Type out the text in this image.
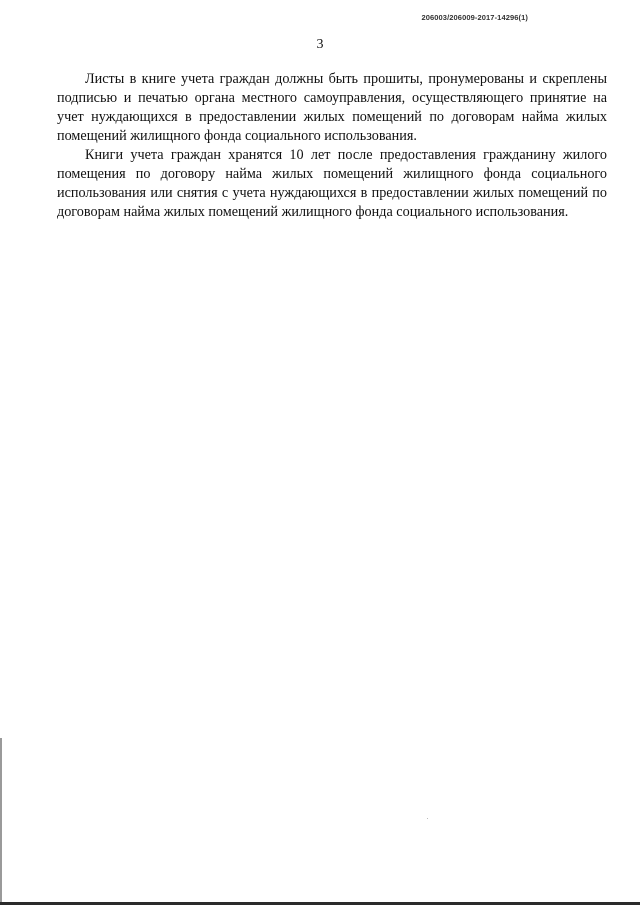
206003/206009-2017-14296(1)
3

Листы в книге учета граждан должны быть прошиты, пронумерованы и скреплены подписью и печатью органа местного самоуправления, осуществляющего принятие на учет нуждающихся в предоставлении жилых помещений по договорам найма жилых помещений жилищного фонда социального использования.

Книги учета граждан хранятся 10 лет после предоставления гражданину жилого помещения по договору найма жилых помещений жилищного фонда социального использования или снятия с учета нуждающихся в предоставлении жилых помещений по договорам найма жилых помещений жилищного фонда социального использования.
